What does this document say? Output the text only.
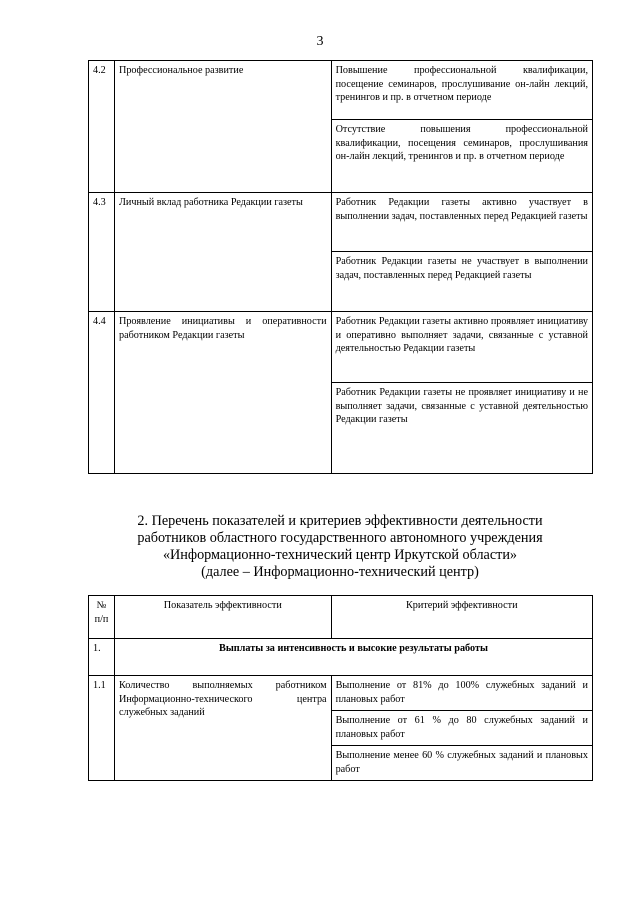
3
4.2	Профессиональное развитие	Повышение профессиональной квалификации, посещение семинаров, прослушивание он-лайн лекций, тренингов и пр. в отчетном периоде
		Отсутствие повышения профессиональной квалификации, посещения семинаров, прослушивания он-лайн лекций, тренингов и пр. в отчетном периоде
4.3	Личный вклад работника Редакции газеты	Работник Редакции газеты активно участвует в выполнении задач, поставленных перед Редакцией газеты
		Работник Редакции газеты не участвует в выполнении задач, поставленных перед Редакцией газеты
4.4	Проявление инициативы и оперативности работником Редакции газеты	Работник Редакции газеты активно проявляет инициативу и оперативно выполняет задачи, связанные с уставной деятельностью Редакции газеты
		Работник Редакции газеты не проявляет инициативу и не выполняет задачи, связанные с уставной деятельностью Редакции газеты
2. Перечень показателей и критериев эффективности деятельности
работников областного государственного автономного учреждения
«Информационно-технический центр Иркутской области»
(далее – Информационно-технический центр)
№ п/п	Показатель эффективности	Критерий эффективности
1.	Выплаты за интенсивность и высокие результаты работы	
1.1	Количество выполняемых работником Информационно-технического центра служебных заданий	Выполнение от 81% до 100% служебных заданий и плановых работ
		Выполнение от 61 % до 80 служебных заданий и плановых работ
		Выполнение менее 60 % служебных заданий и плановых работ
